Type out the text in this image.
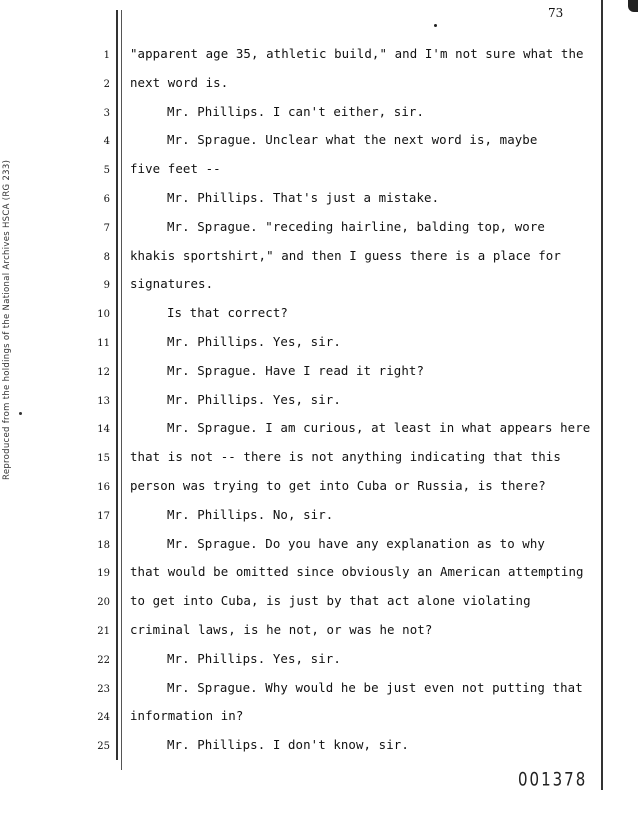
73
Reproduced from the holdings of the National Archives HSCA (RG 233)
1 "apparent age 35, athletic build," and I'm not sure what the
2 next word is.
3	Mr. Phillips. I can't either, sir.
4	Mr. Sprague. Unclear what the next word is, maybe
5 five feet --
6	Mr. Phillips. That's just a mistake.
7	Mr. Sprague. "receding hairline, balding top, wore
8 khakis sportshirt," and then I guess there is a place for
9 signatures.
10	Is that correct?
11	Mr. Phillips. Yes, sir.
12	Mr. Sprague. Have I read it right?
13	Mr. Phillips. Yes, sir.
14	Mr. Sprague. I am curious, at least in what appears here
15 that is not -- there is not anything indicating that this
16 person was trying to get into Cuba or Russia, is there?
17	Mr. Phillips. No, sir.
18	Mr. Sprague. Do you have any explanation as to why
19 that would be omitted since obviously an American attempting
20 to get into Cuba, is just by that act alone violating
21 criminal laws, is he not, or was he not?
22	Mr. Phillips. Yes, sir.
23	Mr. Sprague. Why would he be just even not putting that
24 information in?
25	Mr. Phillips. I don't know, sir.
001378
